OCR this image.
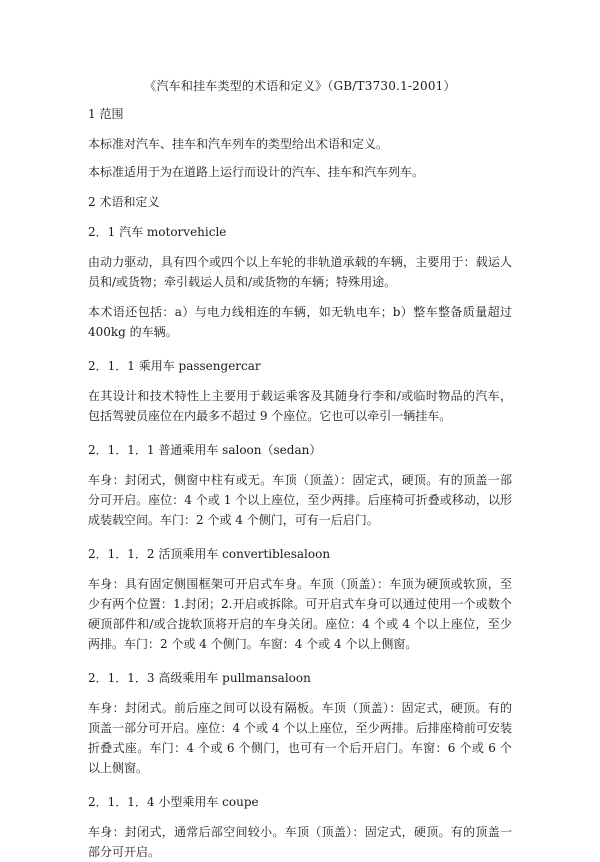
《汽车和挂车类型的术语和定义》（GB/T3730.1-2001）

1 范围

本标准对汽车、挂车和汽车列车的类型给出术语和定义。

本标准适用于为在道路上运行而设计的汽车、挂车和汽车列车。

2 术语和定义

2．1 汽车 motorvehicle

由动力驱动，具有四个或四个以上车轮的非轨道承载的车辆，主要用于：载运人员和/或货物；牵引载运人员和/或货物的车辆；特殊用途。

本术语还包括：a）与电力线相连的车辆，如无轨电车；b）整车整备质量超过400kg 的车辆。

2．1．1 乘用车 passengercar

在其设计和技术特性上主要用于载运乘客及其随身行李和/或临时物品的汽车，包括驾驶员座位在内最多不超过 9 个座位。它也可以牵引一辆挂车。

2．1．1．1 普通乘用车 saloon（sedan）

车身：封闭式，侧窗中柱有或无。车顶（顶盖）：固定式，硬顶。有的顶盖一部分可开启。座位：4 个或 1 个以上座位，至少两排。后座椅可折叠或移动，以形成装载空间。车门：2 个或 4 个侧门，可有一后启门。

2．1．1．2 活顶乘用车 convertiblesaloon

车身：具有固定侧围框架可开启式车身。车顶（顶盖）：车顶为硬顶或软顶，至少有两个位置：1.封闭；2.开启或拆除。可开启式车身可以通过使用一个或数个硬顶部件和/或合拢软顶将开启的车身关闭。座位：4 个或 4 个以上座位，至少两排。车门：2 个或 4 个侧门。车窗：4 个或 4 个以上侧窗。

2．1．1．3 高级乘用车 pullmansaloon

车身：封闭式。前后座之间可以设有隔板。车顶（顶盖）：固定式，硬顶。有的顶盖一部分可开启。座位：4 个或 4 个以上座位，至少两排。后排座椅前可安装折叠式座。车门：4 个或 6 个侧门，也可有一个后开启门。车窗：6 个或 6 个以上侧窗。

2．1．1．4 小型乘用车 coupe

车身：封闭式，通常后部空间较小。车顶（顶盖）：固定式，硬顶。有的顶盖一部分可开启。
